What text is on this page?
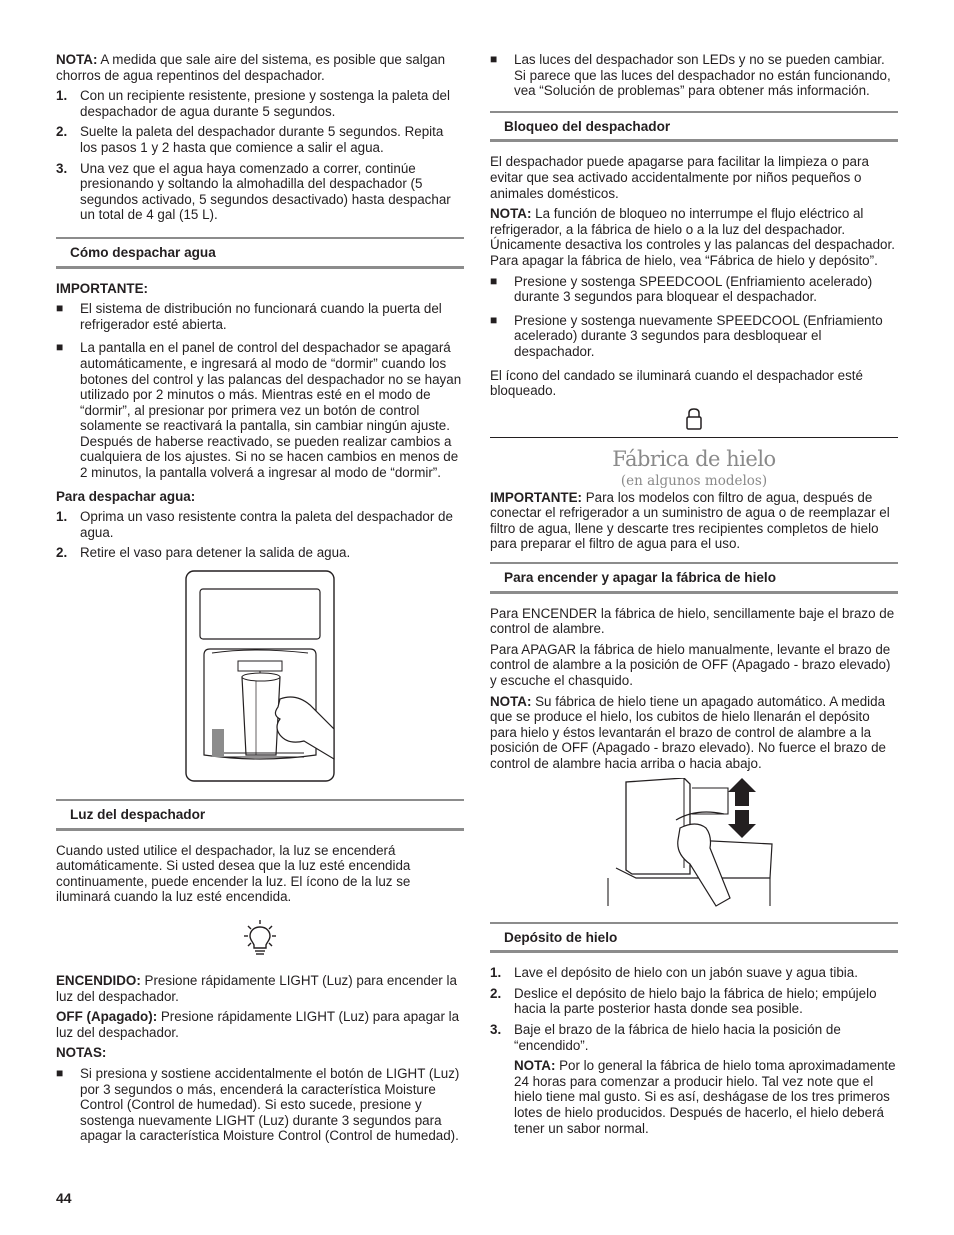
NOTA: A medida que sale aire del sistema, es posible que salgan chorros de agua repentinos del despachador.

1. Con un recipiente resistente, presione y sostenga la paleta del despachador de agua durante 5 segundos.
2. Suelte la paleta del despachador durante 5 segundos. Repita los pasos 1 y 2 hasta que comience a salir el agua.
3. Una vez que el agua haya comenzado a correr, continúe presionando y soltando la almohadilla del despachador (5 segundos activado, 5 segundos desactivado) hasta despachar un total de 4 gal (15 L).
Cómo despachar agua

IMPORTANTE:

■	El sistema de distribución no funcionará cuando la puerta del refrigerador esté abierta.
■	La pantalla en el panel de control del despachador se apagará automáticamente, e ingresará al modo de “dormir” cuando los botones del control y las palancas del despachador no se hayan utilizado por 2 minutos o más. Mientras esté en el modo de “dormir”, al presionar por primera vez un botón de control solamente se reactivará la pantalla, sin cambiar ningún ajuste. Después de haberse reactivado, se pueden realizar cambios a cualquiera de los ajustes. Si no se hacen cambios en menos de 2 minutos, la pantalla volverá a ingresar al modo de “dormir”.

Para despachar agua:

1. Oprima un vaso resistente contra la paleta del despachador de agua.
2. Retire el vaso para detener la salida de agua.
Luz del despachador

Cuando usted utilice el despachador, la luz se encenderá automáticamente. Si usted desea que la luz esté encendida continuamente, puede encender la luz. El ícono de la luz se iluminará cuando la luz esté encendida.

ENCENDIDO: Presione rápidamente LIGHT (Luz) para encender la luz del despachador.

OFF (Apagado): Presione rápidamente LIGHT (Luz) para apagar la luz del despachador.

NOTAS:

■	Si presiona y sostiene accidentalmente el botón de LIGHT (Luz) por 3 segundos o más, encenderá la característica Moisture Control (Control de humedad). Si esto sucede, presione y sostenga nuevamente LIGHT (Luz) durante 3 segundos para apagar la característica Moisture Control (Control de humedad).
■	Las luces del despachador son LEDs y no se pueden cambiar. Si parece que las luces del despachador no están funcionando, vea “Solución de problemas” para obtener más información.
Bloqueo del despachador

El despachador puede apagarse para facilitar la limpieza o para evitar que sea activado accidentalmente por niños pequeños o animales domésticos.

NOTA: La función de bloqueo no interrumpe el flujo eléctrico al refrigerador, a la fábrica de hielo o a la luz del despachador. Únicamente desactiva los controles y las palancas del despachador. Para apagar la fábrica de hielo, vea “Fábrica de hielo y depósito”.

■	Presione y sostenga SPEEDCOOL (Enfriamiento acelerado) durante 3 segundos para bloquear el despachador.
■	Presione y sostenga nuevamente SPEEDCOOL (Enfriamiento acelerado) durante 3 segundos para desbloquear el despachador.

El ícono del candado se iluminará cuando el despachador esté bloqueado.

Fábrica de hielo
(en algunos modelos)

IMPORTANTE: Para los modelos con filtro de agua, después de conectar el refrigerador a un suministro de agua o de reemplazar el filtro de agua, llene y descarte tres recipientes completos de hielo para preparar el filtro de agua para el uso.

Para encender y apagar la fábrica de hielo

Para ENCENDER la fábrica de hielo, sencillamente baje el brazo de control de alambre.

Para APAGAR la fábrica de hielo manualmente, levante el brazo de control de alambre a la posición de OFF (Apagado - brazo elevado) y escuche el chasquido.

NOTA: Su fábrica de hielo tiene un apagado automático. A medida que se produce el hielo, los cubitos de hielo llenarán el depósito para hielo y éstos levantarán el brazo de control de alambre a la posición de OFF (Apagado - brazo elevado). No fuerce el brazo de control de alambre hacia arriba o hacia abajo.

Depósito de hielo
1. Lave el depósito de hielo con un jabón suave y agua tibia.
2. Deslice el depósito de hielo bajo la fábrica de hielo; empújelo hacia la parte posterior hasta donde sea posible.
3. Baje el brazo de la fábrica de hielo hacia la posición de “encendido”.

NOTA: Por lo general la fábrica de hielo toma aproximadamente 24 horas para comenzar a producir hielo. Tal vez note que el hielo tiene mal gusto. Si es así, deshágase de los tres primeros lotes de hielo producidos. Después de hacerlo, el hielo deberá tener un sabor normal.

44
